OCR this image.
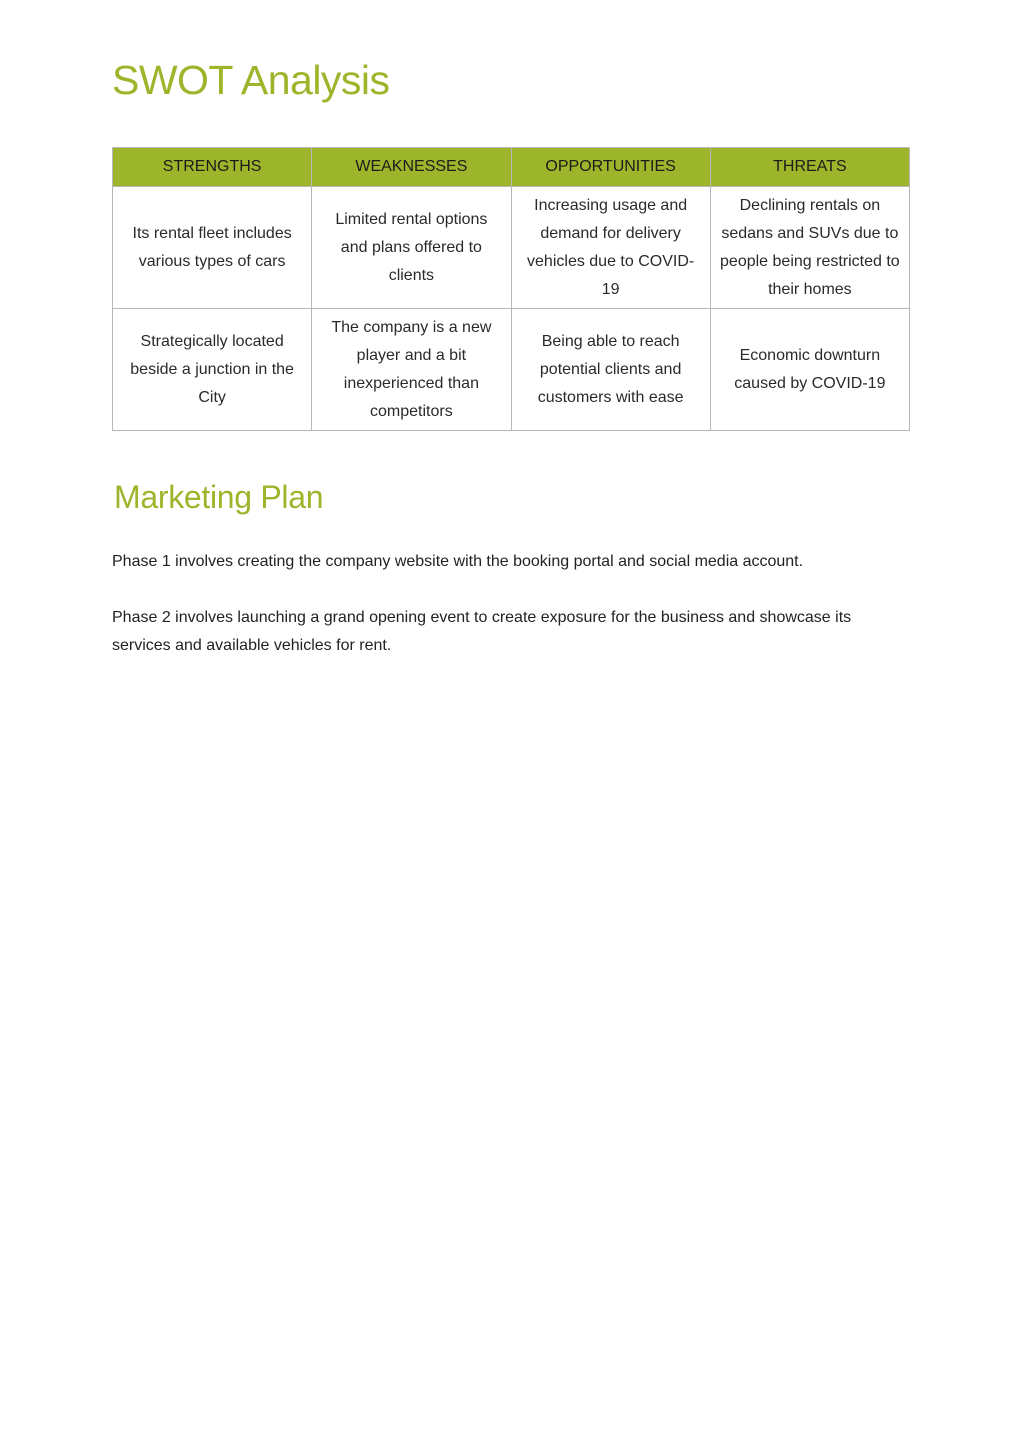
SWOT Analysis
STRENGTHS	WEAKNESSES	OPPORTUNITIES	THREATS
Its rental fleet includes various types of cars	Limited rental options and plans offered to clients	Increasing usage and demand for delivery vehicles due to COVID-19	Declining rentals on sedans and SUVs due to people being restricted to their homes
Strategically located beside a junction in the City	The company is a new player and a bit inexperienced than competitors	Being able to reach potential clients and customers with ease	Economic downturn caused by COVID-19
Marketing Plan

Phase 1 involves creating the company website with the booking portal and social media account.

Phase 2 involves launching a grand opening event to create exposure for the business and showcase its services and available vehicles for rent.
